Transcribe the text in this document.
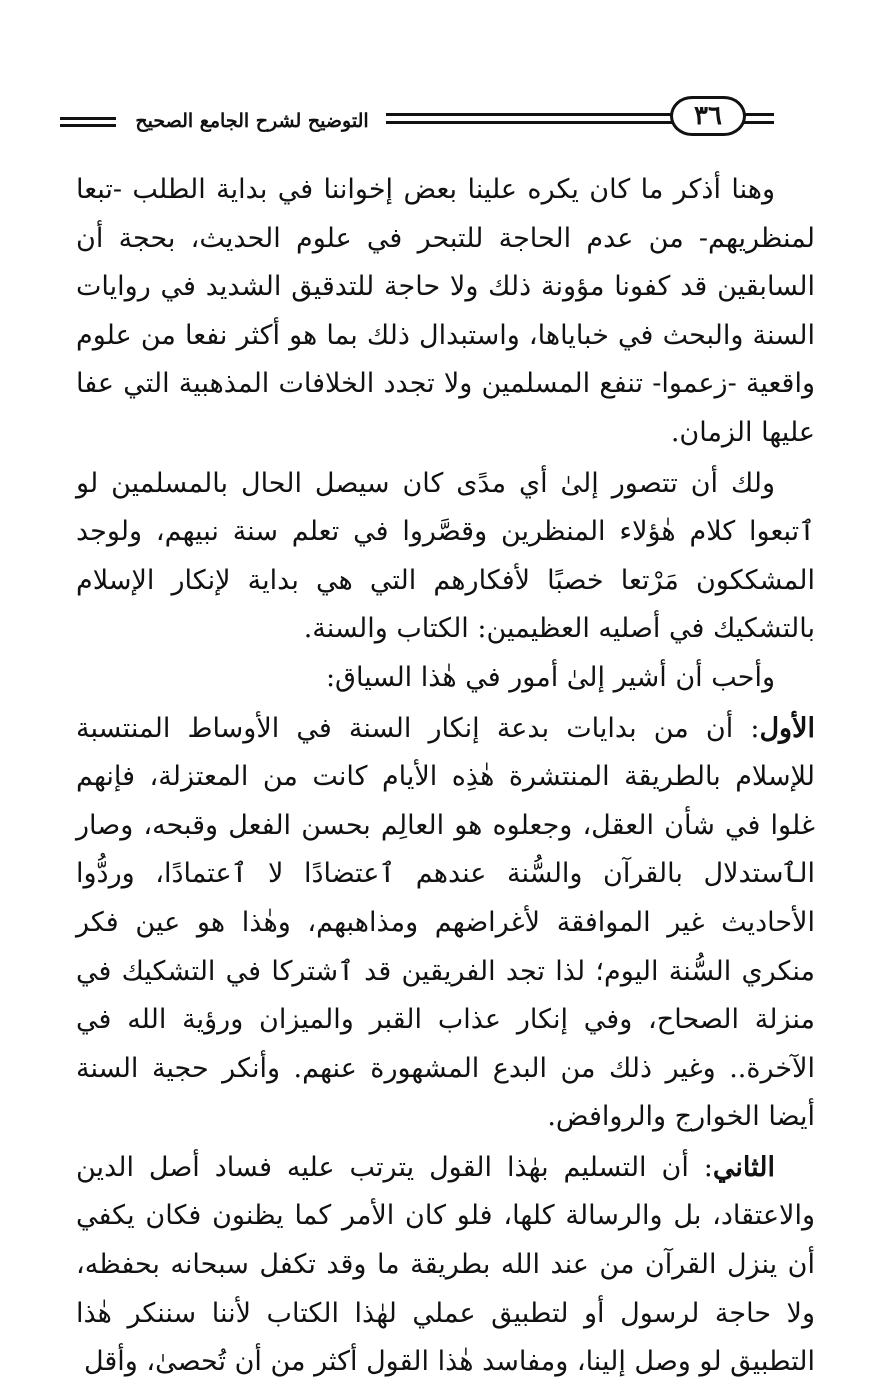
التوضيح لشرح الجامع الصحيح	٣٦

وهنا أذكر ما كان يكره علينا بعض إخواننا في بداية الطلب -تبعا لمنظريهم- من عدم الحاجة للتبحر في علوم الحديث، بحجة أن السابقين قد كفونا مؤونة ذلك ولا حاجة للتدقيق الشديد في روايات السنة والبحث في خباياها، واستبدال ذلك بما هو أكثر نفعا من علوم واقعية -زعموا- تنفع المسلمين ولا تجدد الخلافات المذهبية التي عفا عليها الزمان.

ولك أن تتصور إلىٰ أي مدًى كان سيصل الحال بالمسلمين لو ٱتبعوا كلام هٰؤلاء المنظرين وقصَّروا في تعلم سنة نبيهم، ولوجد المشككون مَرْتعا خصبًا لأفكارهم التي هي بداية لإنكار الإسلام بالتشكيك في أصليه العظيمين: الكتاب والسنة.

وأحب أن أشير إلىٰ أمور في هٰذا السياق:

الأول: أن من بدايات بدعة إنكار السنة في الأوساط المنتسبة للإسلام بالطريقة المنتشرة هٰذِه الأيام كانت من المعتزلة، فإنهم غلوا في شأن العقل، وجعلوه هو العالِم بحسن الفعل وقبحه، وصار الٱستدلال بالقرآن والسُّنة عندهم ٱعتضادًا لا ٱعتمادًا، وردُّوا الأحاديث غير الموافقة لأغراضهم ومذاهبهم، وهٰذا هو عين فكر منكري السُّنة اليوم؛ لذا تجد الفريقين قد ٱشتركا في التشكيك في منزلة الصحاح، وفي إنكار عذاب القبر والميزان ورؤية الله في الآخرة.. وغير ذلك من البدع المشهورة عنهم. وأنكر حجية السنة أيضا الخوارج والروافض.

الثاني: أن التسليم بهٰذا القول يترتب عليه فساد أصل الدين والاعتقاد، بل والرسالة كلها، فلو كان الأمر كما يظنون فكان يكفي أن ينزل القرآن من عند الله بطريقة ما وقد تكفل سبحانه بحفظه، ولا حاجة لرسول أو لتطبيق عملي لهٰذا الكتاب لأننا سننكر هٰذا التطبيق لو وصل إلينا، ومفاسد هٰذا القول أكثر من أن تُحصىٰ، وأقل
